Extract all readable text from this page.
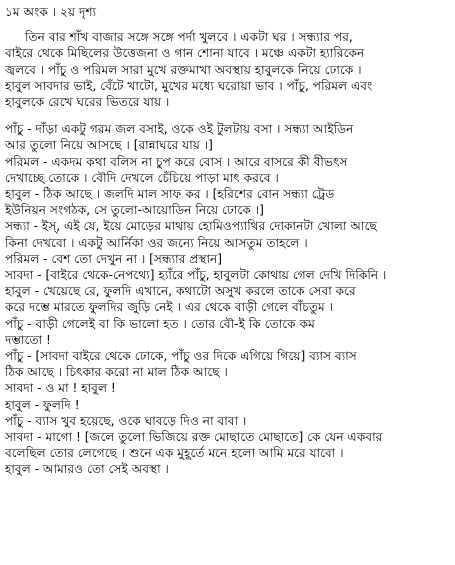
১ম অংক । ২য় দৃশ্য
তিন বার শাঁখ বাজার সঙ্গে সঙ্গে পর্দা খুলবে । একটা ঘর । সন্ধ্যার পর,
বাইরে থেকে মিছিলের উত্তেজনা ও গান শোনা যাবে । মঞ্চে একটা হ্যারিকেন
জ্বলবে । পাঁচু ও পরিমল সারা মুখে রক্তমাখা অবস্থায় হাবুলকে নিয়ে ঢোকে ।
হাবুল সাবদার ভাই, বেঁটে খাটো, মুখের মধ্যে ঘরোয়া ভাব । পাঁচু, পরিমল এবং
হাবুলকে রেখে ঘরের ভিতরে যায় ।
পাঁচু - দাঁড়া একটু গরম জল বসাই, ওকে ওই টুলটায় বসা । সন্ধ্যা আইডিন
আর তুলো নিয়ে আসছে । [রান্নাঘরে যায় ।]
পরিমল - একদম কথা বলিস না চুপ করে বোস । আরে বাসরে কী বীভৎস
দেখাচ্ছে তোকে । বৌদি দেখলে চেঁচিয়ে পাড়া মাৎ করবে ।
হাবুল - ঠিক আছে । জলদি মাল সাফ কর । [হরিশের বোন সন্ধ্যা ট্রেড
ইউনিয়ন সংগঠক, সে তুলো-আয়োডিন নিয়ে ঢোকে ।]
সন্ধ্যা - ইস্‌, এই যে, ইয়ে মোড়ের মাথায় হোমিওপ্যাথির দোকানটা খোলা আছে
কিনা দেখবো । একটু আর্নিকা ওর জন্যে নিয়ে আসতুম তাহলে ।
পরিমল - বেশ তো দেখুন না । [সন্ধ্যার প্রস্থান]
সাবদা - [বাইরে থেকে-নেপথ্যে] হ্যাঁরে পাঁচু, হাবুলটা কোথায় গেল দেখি দিকিনি ।
হাবুল - খেয়েছে রে, ফুলদি এখানে, কথাটো অসুখ করলে তাকে সেবা করে
করে দম্ভে মারতে ফুলদির জুড়ি নেই । এর থেকে বাড়ী গেলে বাঁচতুম ।
পাঁচু - বাড়ী গেলেই বা কি ভালো হত । তোর বৌ-ই কি তোকে কম
দম্ভাতো !
পাঁচু - [সাবদা বাইরে থেকে ঢোকে, পাঁচু ওর দিকে এগিয়ে গিয়ে] ব্যাস ব্যাস
ঠিক আছে । চিৎকার করো না মাল ঠিক আছে ।
সাবদা - ও মা ! হাবুল !
হাবুল - ফুলদি !
পাঁচু - ব্যাস খুব হয়েছে, ওকে ঘাবড়ে দিও না বাবা ।
সাবদা - মাগো ! [জলে তুলো ভিজিয়ে রক্ত মোছাতে মোছাতে] কে যেন একবার
বলেছিল তোর লেগেছে । শুনে এক মুহূর্তে মনে হলো আমি মরে যাবো ।
হাবুল - আমারও তো সেই অবস্থা ।
